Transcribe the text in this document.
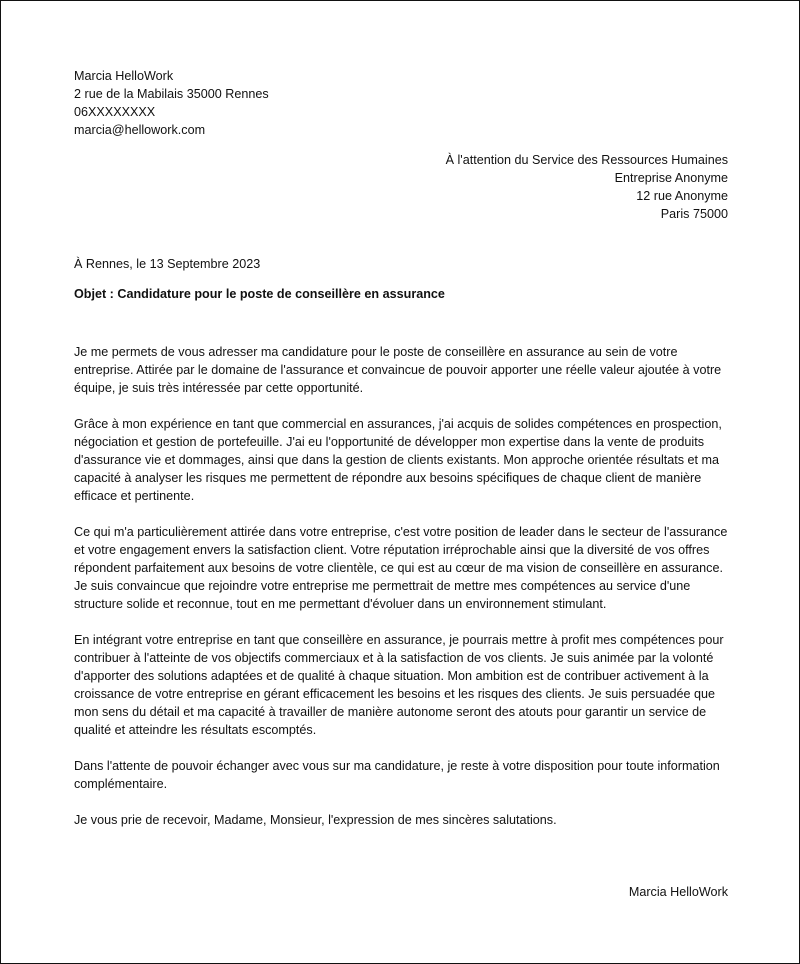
Marcia HelloWork
2 rue de la Mabilais 35000 Rennes
06XXXXXXXX
marcia@hellowork.com
À l'attention du Service des Ressources Humaines
Entreprise Anonyme
12 rue Anonyme
Paris 75000
À Rennes, le 13 Septembre 2023
Objet : Candidature pour le poste de conseillère en assurance

Je me permets de vous adresser ma candidature pour le poste de conseillère en assurance au sein de votre entreprise. Attirée par le domaine de l'assurance et convaincue de pouvoir apporter une réelle valeur ajoutée à votre équipe, je suis très intéressée par cette opportunité.

Grâce à mon expérience en tant que commercial en assurances, j'ai acquis de solides compétences en prospection, négociation et gestion de portefeuille. J'ai eu l'opportunité de développer mon expertise dans la vente de produits d'assurance vie et dommages, ainsi que dans la gestion de clients existants. Mon approche orientée résultats et ma capacité à analyser les risques me permettent de répondre aux besoins spécifiques de chaque client de manière efficace et pertinente.

Ce qui m'a particulièrement attirée dans votre entreprise, c'est votre position de leader dans le secteur de l'assurance et votre engagement envers la satisfaction client. Votre réputation irréprochable ainsi que la diversité de vos offres répondent parfaitement aux besoins de votre clientèle, ce qui est au cœur de ma vision de conseillère en assurance. Je suis convaincue que rejoindre votre entreprise me permettrait de mettre mes compétences au service d'une structure solide et reconnue, tout en me permettant d'évoluer dans un environnement stimulant.

En intégrant votre entreprise en tant que conseillère en assurance, je pourrais mettre à profit mes compétences pour contribuer à l'atteinte de vos objectifs commerciaux et à la satisfaction de vos clients. Je suis animée par la volonté d'apporter des solutions adaptées et de qualité à chaque situation. Mon ambition est de contribuer activement à la croissance de votre entreprise en gérant efficacement les besoins et les risques des clients. Je suis persuadée que mon sens du détail et ma capacité à travailler de manière autonome seront des atouts pour garantir un service de qualité et atteindre les résultats escomptés.

Dans l'attente de pouvoir échanger avec vous sur ma candidature, je reste à votre disposition pour toute information complémentaire.

Je vous prie de recevoir, Madame, Monsieur, l'expression de mes sincères salutations.

Marcia HelloWork
